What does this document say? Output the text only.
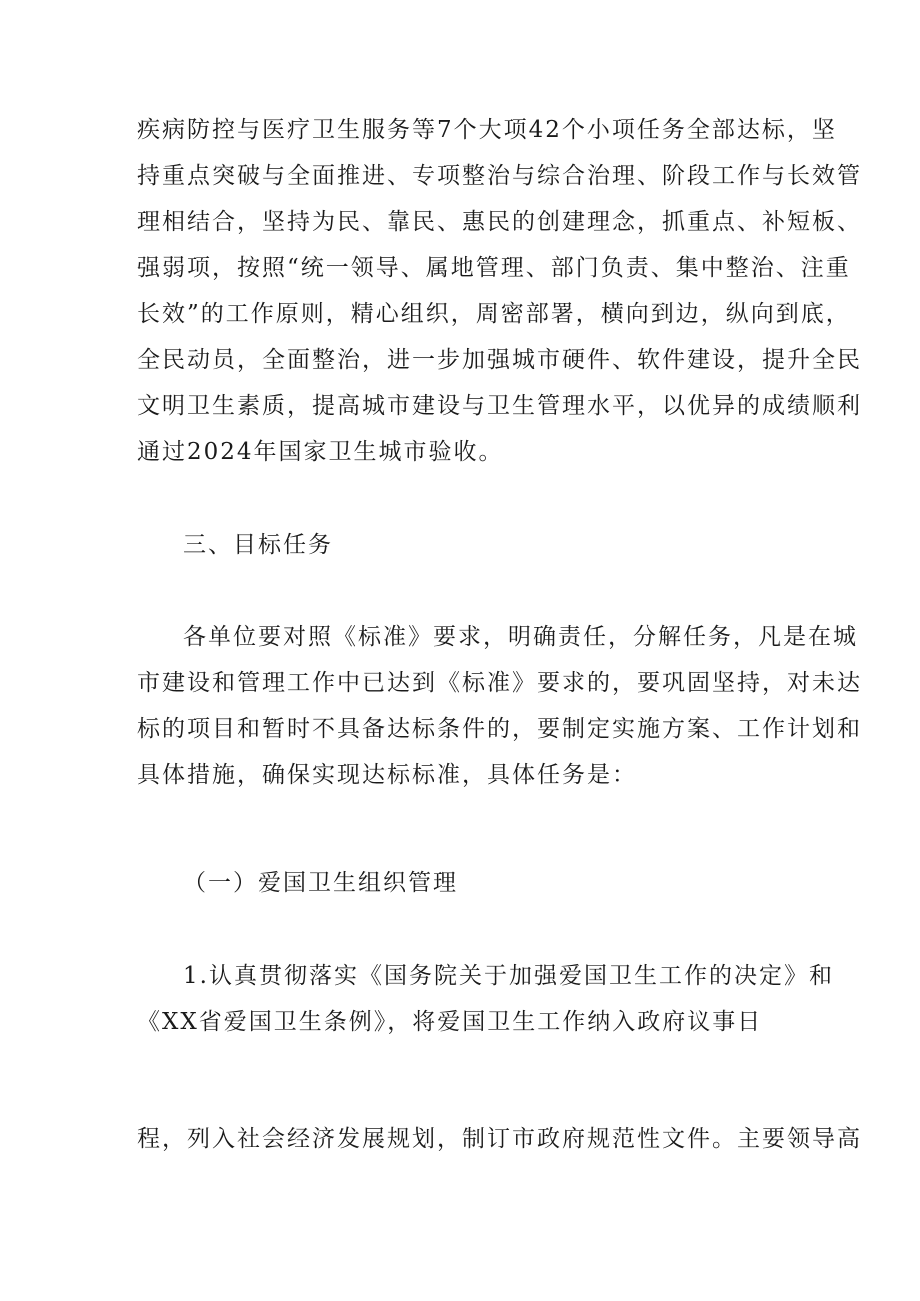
疾病防控与医疗卫生服务等7个大项42个小项任务全部达标，坚
持重点突破与全面推进、专项整治与综合治理、阶段工作与长效管
理相结合，坚持为民、靠民、惠民的创建理念，抓重点、补短板、
强弱项，按照“统一领导、属地管理、部门负责、集中整治、注重
长效”的工作原则，精心组织，周密部署，横向到边，纵向到底，
全民动员，全面整治，进一步加强城市硬件、软件建设，提升全民
文明卫生素质，提高城市建设与卫生管理水平，以优异的成绩顺利
通过2024年国家卫生城市验收。
三、目标任务
各单位要对照《标准》要求，明确责任，分解任务，凡是在城
市建设和管理工作中已达到《标准》要求的，要巩固坚持，对未达
标的项目和暂时不具备达标条件的，要制定实施方案、工作计划和
具体措施，确保实现达标标准，具体任务是：
（一）爱国卫生组织管理
1.认真贯彻落实《国务院关于加强爱国卫生工作的决定》和
《XX省爱国卫生条例》，将爱国卫生工作纳入政府议事日
程，列入社会经济发展规划，制订市政府规范性文件。主要领导高
